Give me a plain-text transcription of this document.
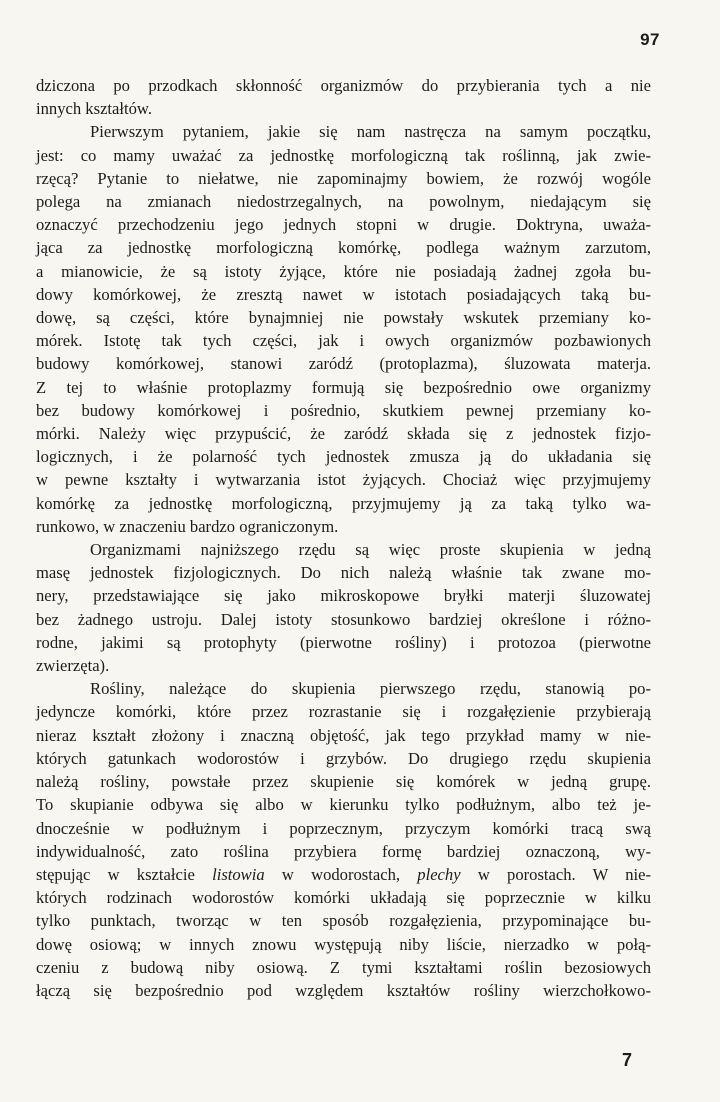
97

dziczona po przodkach skłonność organizmów do przybierania tych a nie
innych kształtów.

Pierwszym pytaniem, jakie się nam nastręcza na samym początku,
jest: co mamy uważać za jednostkę morfologiczną tak roślinną, jak zwie-
rzęcą? Pytanie to niełatwe, nie zapominajmy bowiem, że rozwój wogóle
polega na zmianach niedostrzegalnych, na powolnym, niedającym się
oznaczyć przechodzeniu jego jednych stopni w drugie. Doktryna, uważa-
jąca za jednostkę morfologiczną komórkę, podlega ważnym zarzutom,
a mianowicie, że są istoty żyjące, które nie posiadają żadnej zgoła bu-
dowy komórkowej, że zresztą nawet w istotach posiadających taką bu-
dowę, są części, które bynajmniej nie powstały wskutek przemiany ko-
mórek. Istotę tak tych części, jak i owych organizmów pozbawionych
budowy komórkowej, stanowi zaródź (protoplazma), śluzowata materja.
Z tej to właśnie protoplazmy formują się bezpośrednio owe organizmy
bez budowy komórkowej i pośrednio, skutkiem pewnej przemiany ko-
mórki. Należy więc przypuścić, że zaródź składa się z jednostek fizjo-
logicznych, i że polarność tych jednostek zmusza ją do układania się
w pewne kształty i wytwarzania istot żyjących. Chociaż więc przyjmujemy
komórkę za jednostkę morfologiczną, przyjmujemy ją za taką tylko wa-
runkowo, w znaczeniu bardzo ograniczonym.

Organizmami najniższego rzędu są więc proste skupienia w jedną
masę jednostek fizjologicznych. Do nich należą właśnie tak zwane mo-
nery, przedstawiające się jako mikroskopowe bryłki materji śluzowatej
bez żadnego ustroju. Dalej istoty stosunkowo bardziej określone i różno-
rodne, jakimi są protophyty (pierwotne rośliny) i protozoa (pierwotne
zwierzęta).

Rośliny, należące do skupienia pierwszego rzędu, stanowią po-
jedyncze komórki, które przez rozrastanie się i rozgałęzienie przybierają
nieraz kształt złożony i znaczną objętość, jak tego przykład mamy w nie-
których gatunkach wodorostów i grzybów. Do drugiego rzędu skupienia
należą rośliny, powstałe przez skupienie się komórek w jedną grupę.
To skupianie odbywa się albo w kierunku tylko podłużnym, albo też je-
dnocześnie w podłużnym i poprzecznym, przyczym komórki tracą swą
indywidualność, zato roślina przybiera formę bardziej oznaczoną, wy-
stępując w kształcie listowia w wodorostach, plechy w porostach. W nie-
których rodzinach wodorostów komórki układają się poprzecznie w kilku
tylko punktach, tworząc w ten sposób rozgałęzienia, przypominające bu-
dowę osiową; w innych znowu występują niby liście, nierzadko w połą-
czeniu z budową niby osiową. Z tymi kształtami roślin bezosiowych
łączą się bezpośrednio pod względem kształtów rośliny wierzchołkowo-

7
